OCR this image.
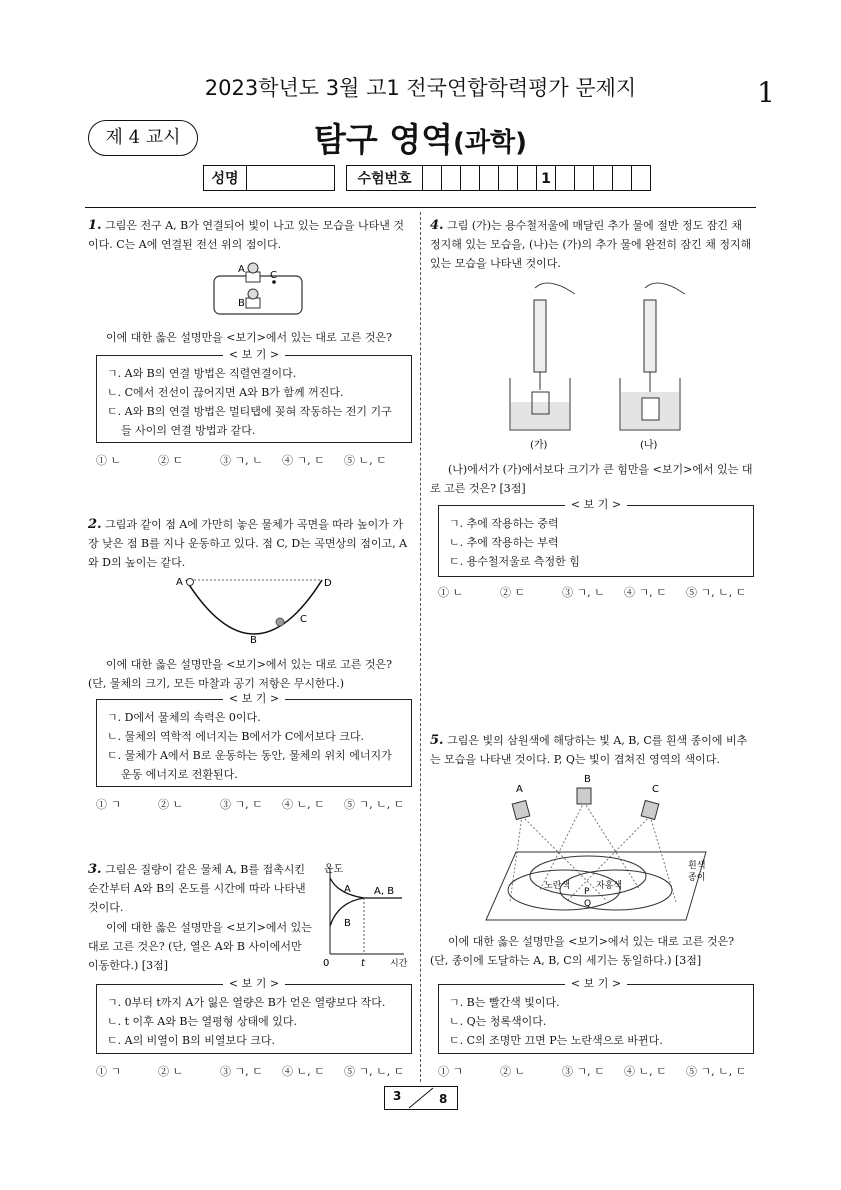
2023학년도 3월 고1 전국연합학력평가 문제지	1
제 4 교시	탐구 영역(과학)
성명	수험번호	1
1. 그림은 전구 A, B가 연결되어 빛이 나고 있는 모습을 나타낸 것이다. C는 A에 연결된 전선 위의 점이다.
A
B
C
이에 대한 옳은 설명만을 <보기>에서 있는 대로 고른 것은?
< 보 기 >
ㄱ. A와 B의 연결 방법은 직렬연결이다.
ㄴ. C에서 전선이 끊어지면 A와 B가 함께 꺼진다.
ㄷ. A와 B의 연결 방법은 멀티탭에 꽂혀 작동하는 전기 기구
들 사이의 연결 방법과 같다.
① ㄴ	② ㄷ	③ ㄱ, ㄴ	④ ㄱ, ㄷ	⑤ ㄴ, ㄷ
2. 그림과 같이 점 A에 가만히 놓은 물체가 곡면을 따라 높이가 가장 낮은 점 B를 지나 운동하고 있다. 점 C, D는 곡면상의 점이고, A와 D의 높이는 같다.
A
B
C
D
이에 대한 옳은 설명만을 <보기>에서 있는 대로 고른 것은? (단, 물체의 크기, 모든 마찰과 공기 저항은 무시한다.)
< 보 기 >
ㄱ. D에서 물체의 속력은 0이다.
ㄴ. 물체의 역학적 에너지는 B에서가 C에서보다 크다.
ㄷ. 물체가 A에서 B로 운동하는 동안, 물체의 위치 에너지가
운동 에너지로 전환된다.
① ㄱ	② ㄴ	③ ㄱ, ㄷ	④ ㄴ, ㄷ	⑤ ㄱ, ㄴ, ㄷ
3. 그림은 질량이 같은 물체 A, B를 접촉시킨 순간부터 A와 B의 온도를 시간에 따라 나타낸 것이다.
이에 대한 옳은 설명만을 <보기>에서 있는 대로 고른 것은? (단, 열은 A와 B 사이에서만 이동한다.) [3점]
온도
A
B
A, B
0	t	시간
< 보 기 >
ㄱ. 0부터 t까지 A가 잃은 열량은 B가 얻은 열량보다 작다.
ㄴ. t 이후 A와 B는 열평형 상태에 있다.
ㄷ. A의 비열이 B의 비열보다 크다.
① ㄱ	② ㄴ	③ ㄱ, ㄷ	④ ㄴ, ㄷ	⑤ ㄱ, ㄴ, ㄷ
4. 그림 (가)는 용수철저울에 매달린 추가 물에 절반 정도 잠긴 채 정지해 있는 모습을, (나)는 (가)의 추가 물에 완전히 잠긴 채 정지해 있는 모습을 나타낸 것이다.
(가)	(나)
(나)에서가 (가)에서보다 크기가 큰 힘만을 <보기>에서 있는 대로 고른 것은? [3점]
< 보 기 >
ㄱ. 추에 작용하는 중력
ㄴ. 추에 작용하는 부력
ㄷ. 용수철저울로 측정한 힘
① ㄴ	② ㄷ	③ ㄱ, ㄴ	④ ㄱ, ㄷ	⑤ ㄱ, ㄴ, ㄷ
5. 그림은 빛의 삼원색에 해당하는 빛 A, B, C를 흰색 종이에 비추는 모습을 나타낸 것이다. P, Q는 빛이 겹쳐진 영역의 색이다.
A
B
C
노란색	자홍색
P
Q
흰색
종이
이에 대한 옳은 설명만을 <보기>에서 있는 대로 고른 것은? (단, 종이에 도달하는 A, B, C의 세기는 동일하다.) [3점]
< 보 기 >
ㄱ. B는 빨간색 빛이다.
ㄴ. Q는 청록색이다.
ㄷ. C의 조명만 끄면 P는 노란색으로 바뀐다.
① ㄱ	② ㄴ	③ ㄱ, ㄷ	④ ㄴ, ㄷ	⑤ ㄱ, ㄴ, ㄷ
3	8
